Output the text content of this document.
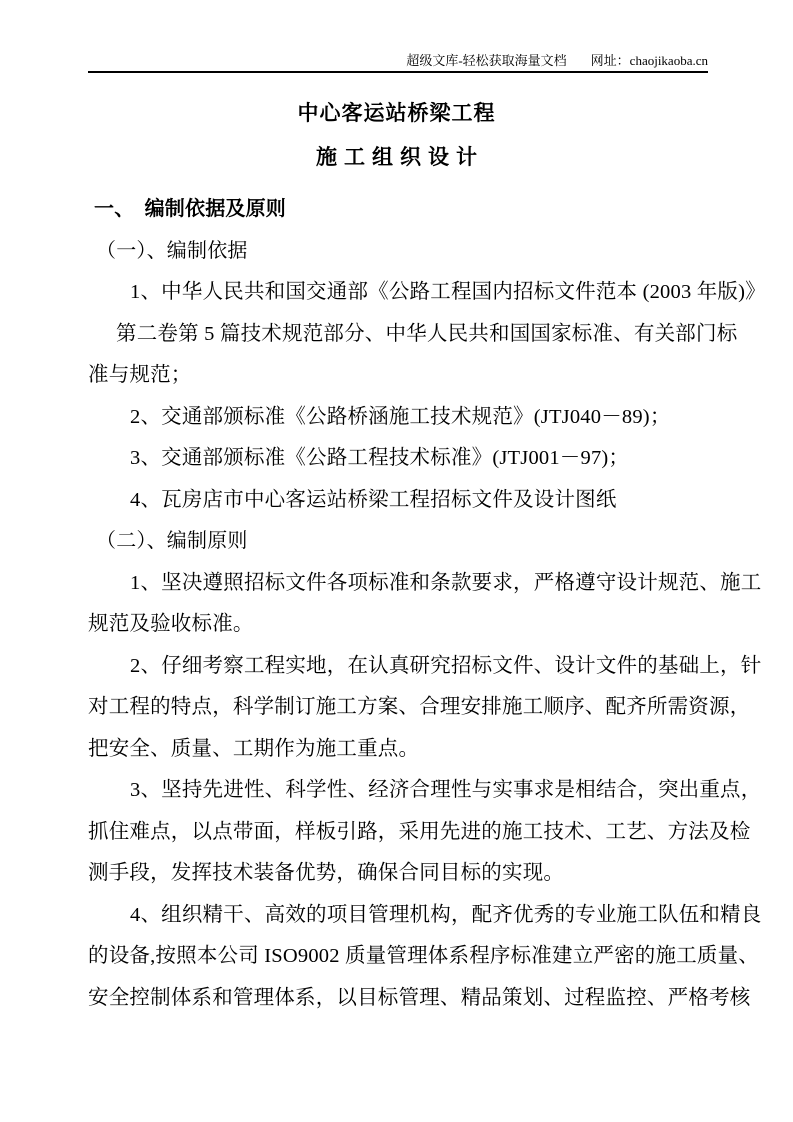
超级文库-轻松获取海量文档 网址：chaojikaoba.cn
中心客运站桥梁工程
施工组织设计
一、　编制依据及原则
（一）、编制依据
1、中华人民共和国交通部《公路工程国内招标文件范本 (2003 年版)》
第二卷第 5 篇技术规范部分、中华人民共和国国家标准、有关部门标
准与规范；
2、交通部颁标准《公路桥涵施工技术规范》(JTJ040－89)；
3、交通部颁标准《公路工程技术标准》(JTJ001－97)；
4、瓦房店市中心客运站桥梁工程招标文件及设计图纸
（二）、编制原则
1、坚决遵照招标文件各项标准和条款要求，严格遵守设计规范、施工
规范及验收标准。
2、仔细考察工程实地，在认真研究招标文件、设计文件的基础上，针
对工程的特点，科学制订施工方案、合理安排施工顺序、配齐所需资源，
把安全、质量、工期作为施工重点。
3、坚持先进性、科学性、经济合理性与实事求是相结合，突出重点，
抓住难点，以点带面，样板引路，采用先进的施工技术、工艺、方法及检
测手段，发挥技术装备优势，确保合同目标的实现。
4、组织精干、高效的项目管理机构，配齐优秀的专业施工队伍和精良
的设备,按照本公司 ISO9002 质量管理体系程序标准建立严密的施工质量、
安全控制体系和管理体系，以目标管理、精品策划、过程监控、严格考核
